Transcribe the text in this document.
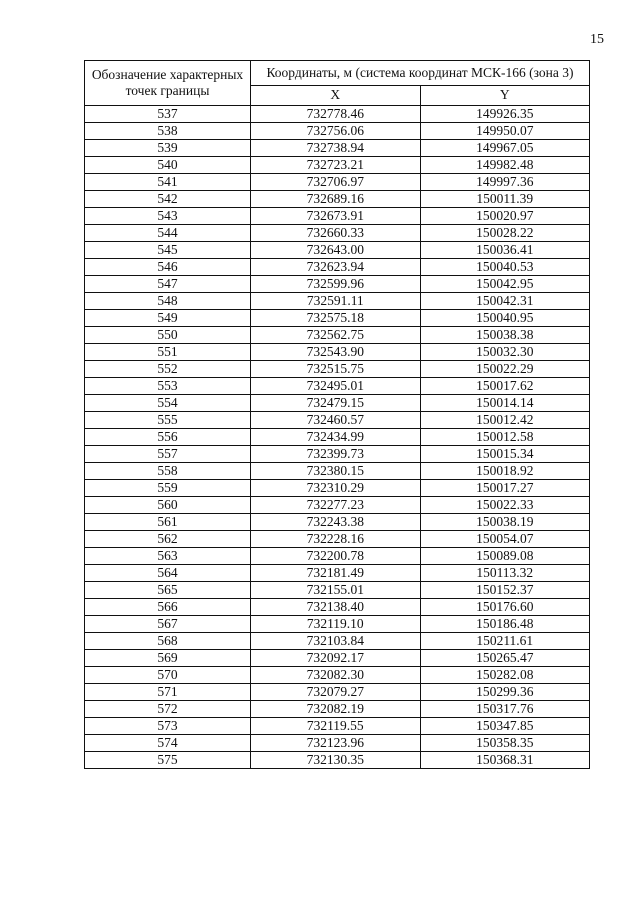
15
Обозначение характерных точек границы	Координаты, м (система координат МСК-166 (зона 3)	
	X	Y
537	732778.46	149926.35
538	732756.06	149950.07
539	732738.94	149967.05
540	732723.21	149982.48
541	732706.97	149997.36
542	732689.16	150011.39
543	732673.91	150020.97
544	732660.33	150028.22
545	732643.00	150036.41
546	732623.94	150040.53
547	732599.96	150042.95
548	732591.11	150042.31
549	732575.18	150040.95
550	732562.75	150038.38
551	732543.90	150032.30
552	732515.75	150022.29
553	732495.01	150017.62
554	732479.15	150014.14
555	732460.57	150012.42
556	732434.99	150012.58
557	732399.73	150015.34
558	732380.15	150018.92
559	732310.29	150017.27
560	732277.23	150022.33
561	732243.38	150038.19
562	732228.16	150054.07
563	732200.78	150089.08
564	732181.49	150113.32
565	732155.01	150152.37
566	732138.40	150176.60
567	732119.10	150186.48
568	732103.84	150211.61
569	732092.17	150265.47
570	732082.30	150282.08
571	732079.27	150299.36
572	732082.19	150317.76
573	732119.55	150347.85
574	732123.96	150358.35
575	732130.35	150368.31
